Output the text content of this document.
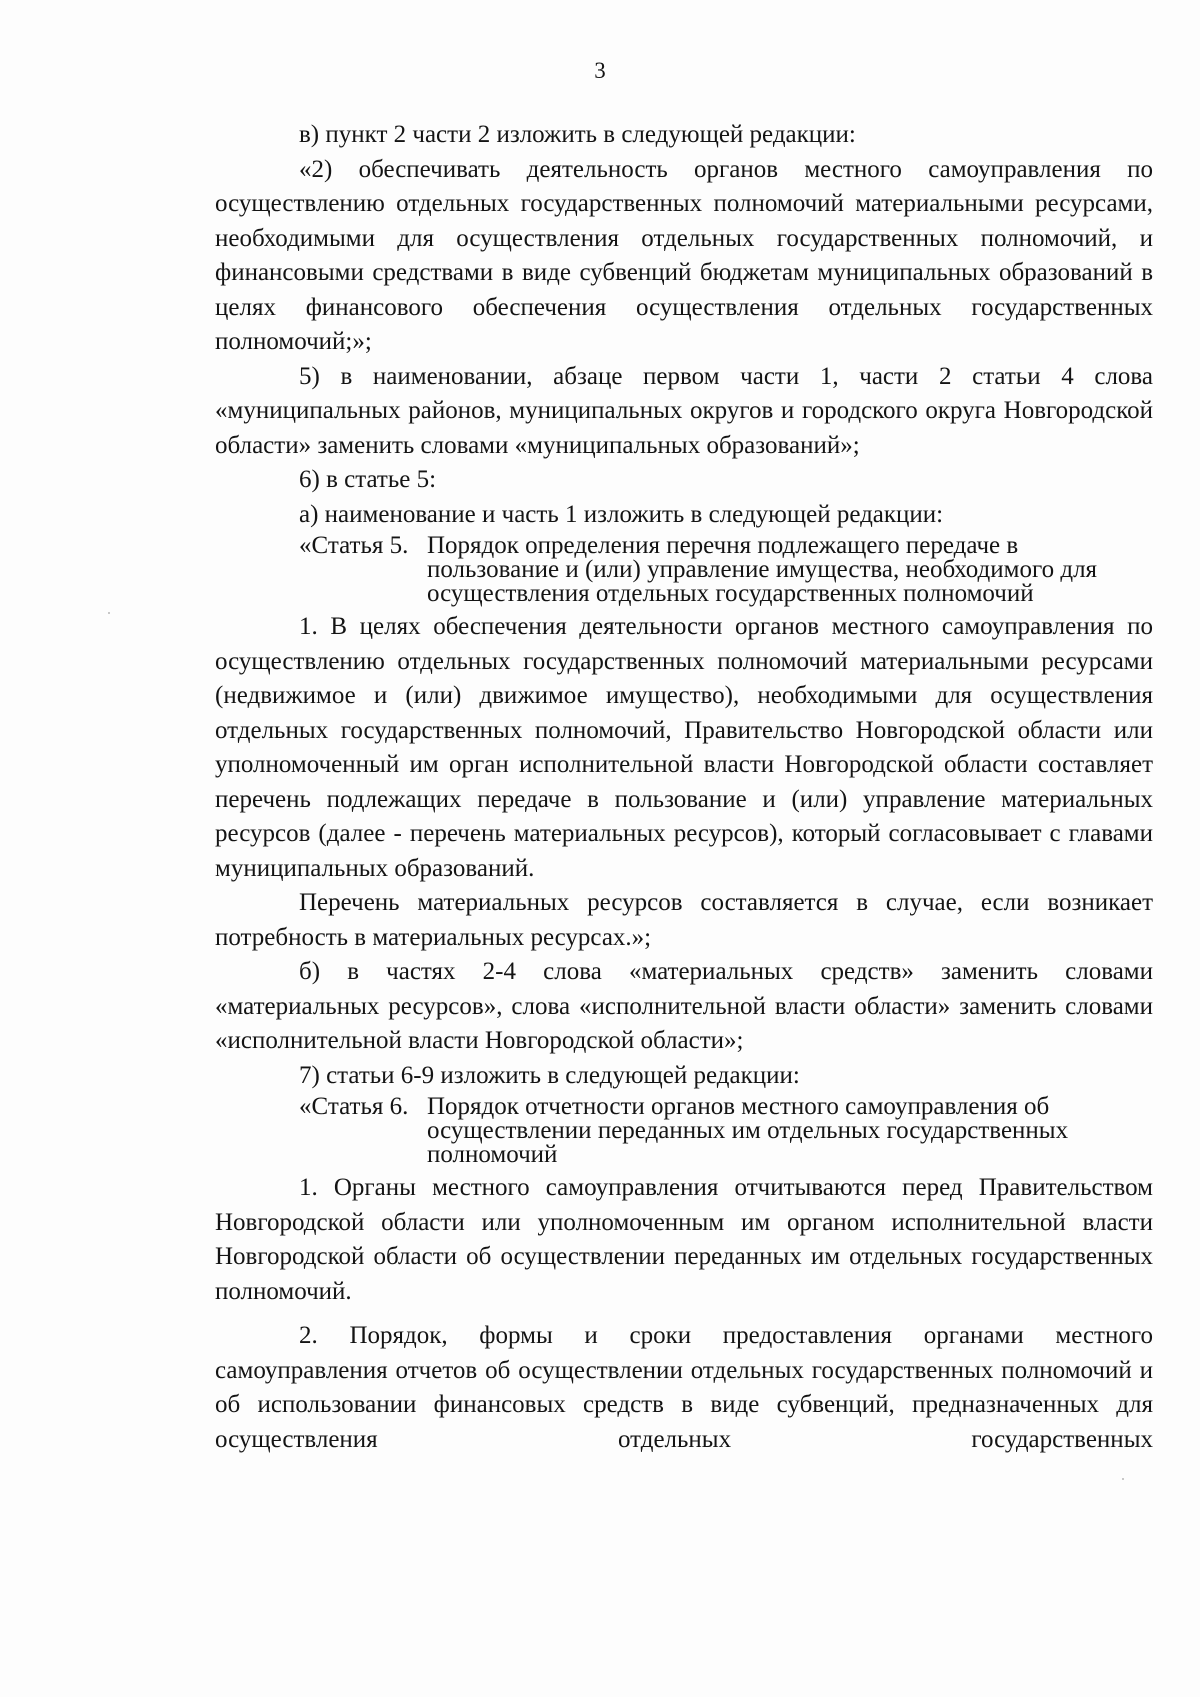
3

в) пункт 2 части 2 изложить в следующей редакции:

«2) обеспечивать деятельность органов местного самоуправления по осуществлению отдельных государственных полномочий материальными ресурсами, необходимыми для осуществления отдельных государственных полномочий, и финансовыми средствами в виде субвенций бюджетам муниципальных образований в целях финансового обеспечения осуществления отдельных государственных полномочий;»;

5) в наименовании, абзаце первом части 1, части 2 статьи 4 слова «муниципальных районов, муниципальных округов и городского округа Новгородской области» заменить словами «муниципальных образований»;

6) в статье 5:

а) наименование и часть 1 изложить в следующей редакции:

«Статья 5. Порядок определения перечня подлежащего передаче в пользование и (или) управление имущества, необходимого для осуществления отдельных государственных полномочий

1. В целях обеспечения деятельности органов местного самоуправления по осуществлению отдельных государственных полномочий материальными ресурсами (недвижимое и (или) движимое имущество), необходимыми для осуществления отдельных государственных полномочий, Правительство Новгородской области или уполномоченный им орган исполнительной власти Новгородской области составляет перечень подлежащих передаче в пользование и (или) управление материальных ресурсов (далее - перечень материальных ресурсов), который согласовывает с главами муниципальных образований.

Перечень материальных ресурсов составляется в случае, если возникает потребность в материальных ресурсах.»;

б) в частях 2-4 слова «материальных средств» заменить словами «материальных ресурсов», слова «исполнительной власти области» заменить словами «исполнительной власти Новгородской области»;

7) статьи 6-9 изложить в следующей редакции:

«Статья 6. Порядок отчетности органов местного самоуправления об осуществлении переданных им отдельных государственных полномочий

1. Органы местного самоуправления отчитываются перед Правительством Новгородской области или уполномоченным им органом исполнительной власти Новгородской области об осуществлении переданных им отдельных государственных полномочий.

2. Порядок, формы и сроки предоставления органами местного самоуправления отчетов об осуществлении отдельных государственных полномочий и об использовании финансовых средств в виде субвенций, предназначенных для осуществления отдельных государственных
